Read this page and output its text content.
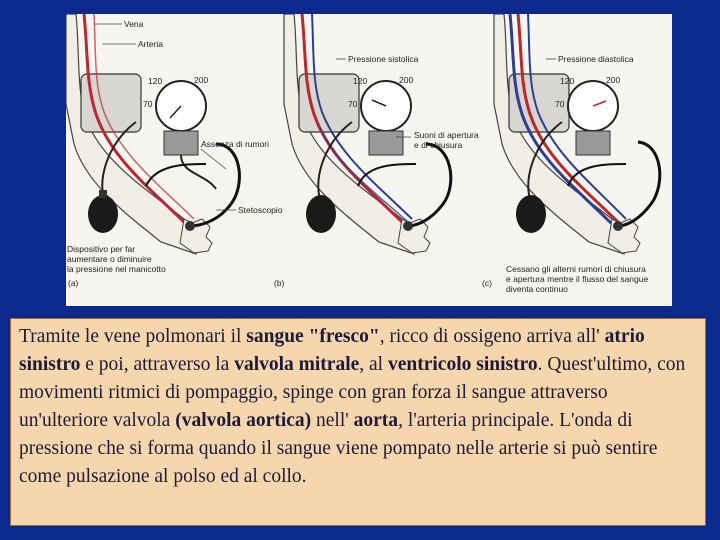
120	200
70
120	200
70
120	200
70
Vena
Arteria
Assenza di rumori
Stetoscopio
Dispositivo per far
aumentare o diminuire
la pressione nel manicotto
(a)
Pressione sistolica
Suoni di apertura
e di chiusura
(b)
Pressione diastolica
Cessano gli alterni rumori di chiusura
e apertura mentre il flusso del sangue
diventa continuo
(c)
Tramite le vene polmonari il sangue "fresco", ricco di ossigeno arriva all' atrio sinistro e poi, attraverso la valvola mitrale, al ventricolo sinistro. Quest'ultimo, con movimenti ritmici di pompaggio, spinge con gran forza il sangue attraverso un'ulteriore valvola (valvola aortica) nell' aorta, l'arteria principale. L'onda di pressione che si forma quando il sangue viene pompato nelle arterie si può sentire come pulsazione al polso ed al collo.
